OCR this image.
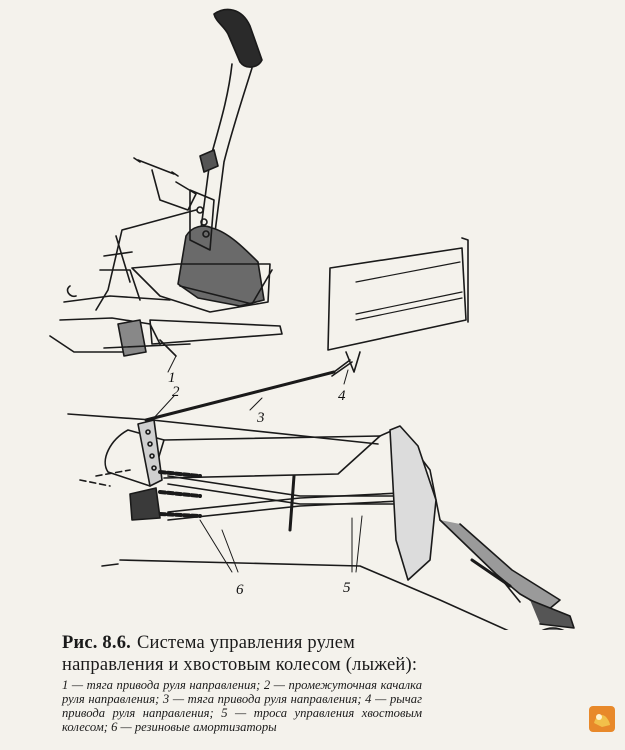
1
2
3
4
5
6
Рис. 8.6. Система управления рулем направления и хвостовым колесом (лыжей):
1 — тяга привода руля направления; 2 — промежуточная качалка руля направления; 3 — тяга привода руля направления; 4 — рычаг привода руля направления; 5 — троса управления хвостовым колесом; 6 — резиновые амортизаторы
